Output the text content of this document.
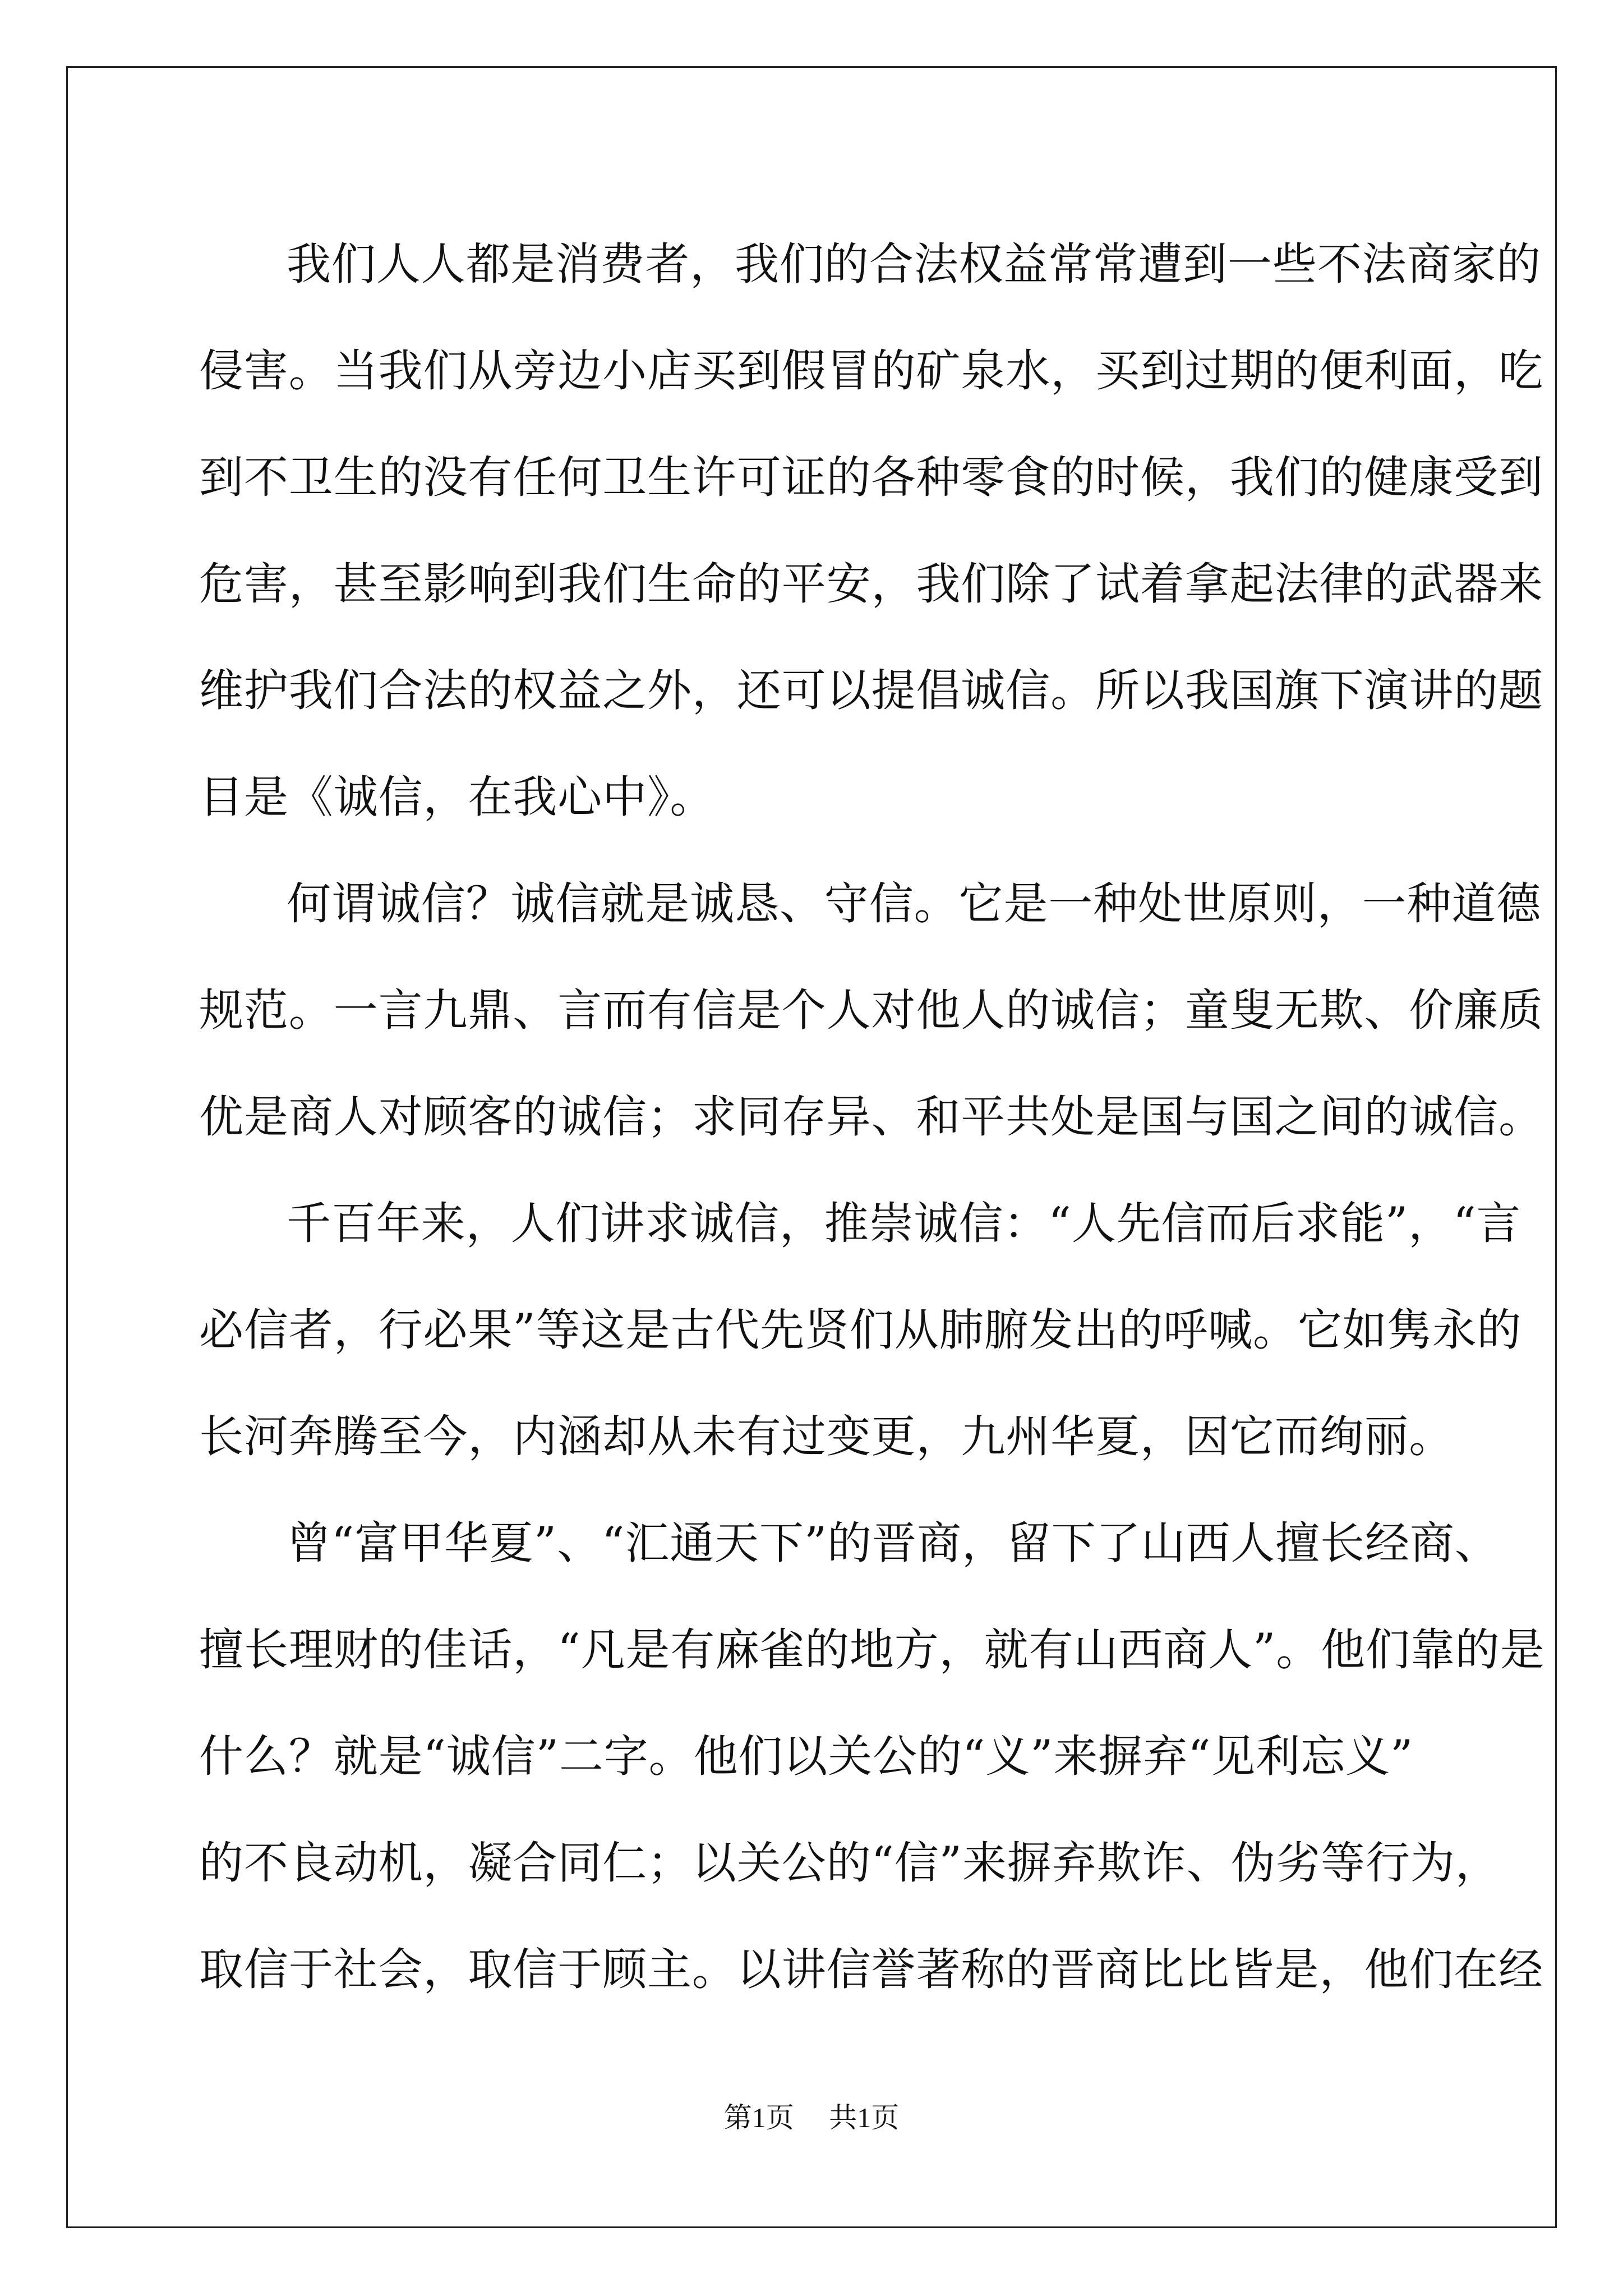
我们人人都是消费者，我们的合法权益常常遭到一些不法商家的
侵害。当我们从旁边小店买到假冒的矿泉水，买到过期的便利面，吃
到不卫生的没有任何卫生许可证的各种零食的时候，我们的健康受到
危害，甚至影响到我们生命的平安，我们除了试着拿起法律的武器来
维护我们合法的权益之外，还可以提倡诚信。所以我国旗下演讲的题
目是《诚信，在我心中》。
何谓诚信？诚信就是诚恳、守信。它是一种处世原则，一种道德
规范。一言九鼎、言而有信是个人对他人的诚信；童叟无欺、价廉质
优是商人对顾客的诚信；求同存异、和平共处是国与国之间的诚信。
千百年来，人们讲求诚信，推崇诚信：“人先信而后求能”，“言
必信者，行必果”等这是古代先贤们从肺腑发出的呼喊。它如隽永的
长河奔腾至今，内涵却从未有过变更，九州华夏，因它而绚丽。
曾“富甲华夏”、“汇通天下”的晋商，留下了山西人擅长经商、
擅长理财的佳话，“凡是有麻雀的地方，就有山西商人”。他们靠的是
什么？就是“诚信”二字。他们以关公的“义”来摒弃“见利忘义”
的不良动机，凝合同仁；以关公的“信”来摒弃欺诈、伪劣等行为，
取信于社会，取信于顾主。以讲信誉著称的晋商比比皆是，他们在经
第1页 共1页
